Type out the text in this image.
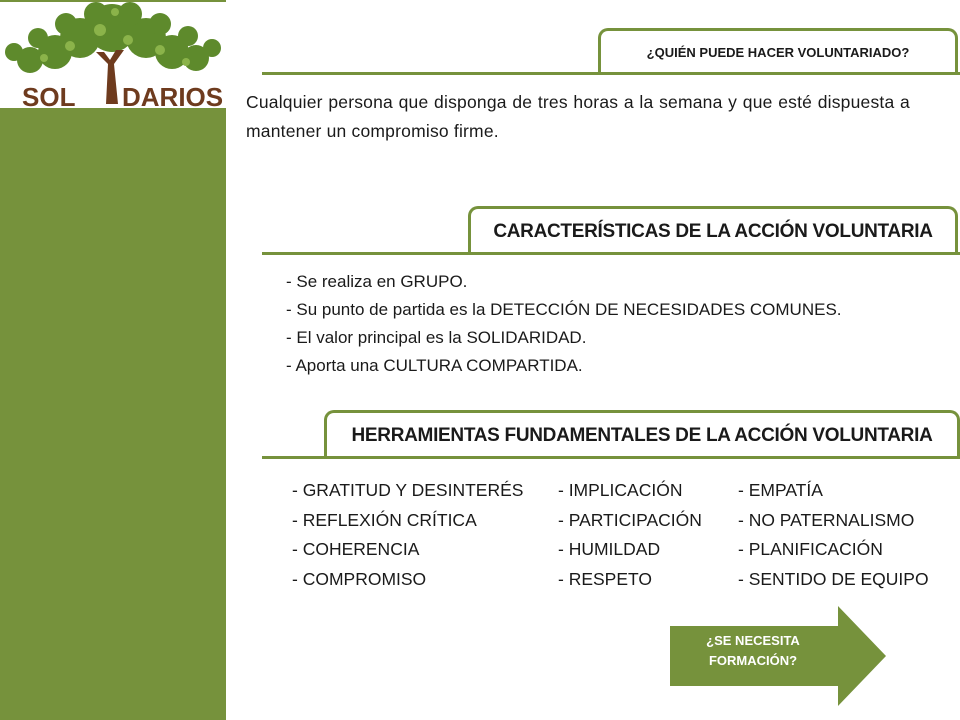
SOL DARIOS
SOL DARIOS
¿QUIÉN PUEDE HACER VOLUNTARIADO?
Cualquier persona que disponga de tres horas a la semana y que esté dispuesta a mantener un compromiso firme.
CARACTERÍSTICAS DE LA ACCIÓN VOLUNTARIA
- Se realiza en GRUPO.
- Su punto de partida es la DETECCIÓN DE NECESIDADES COMUNES.
- El valor principal es la SOLIDARIDAD.
- Aporta una CULTURA COMPARTIDA.
HERRAMIENTAS FUNDAMENTALES DE LA ACCIÓN VOLUNTARIA
- GRATITUD Y DESINTERÉS
- REFLEXIÓN CRÍTICA
- COHERENCIA
- COMPROMISO
- IMPLICACIÓN
- PARTICIPACIÓN
- HUMILDAD
- RESPETO
- EMPATÍA
- NO PATERNALISMO
- PLANIFICACIÓN
- SENTIDO DE EQUIPO
¿SE NECESITA
FORMACIÓN?
